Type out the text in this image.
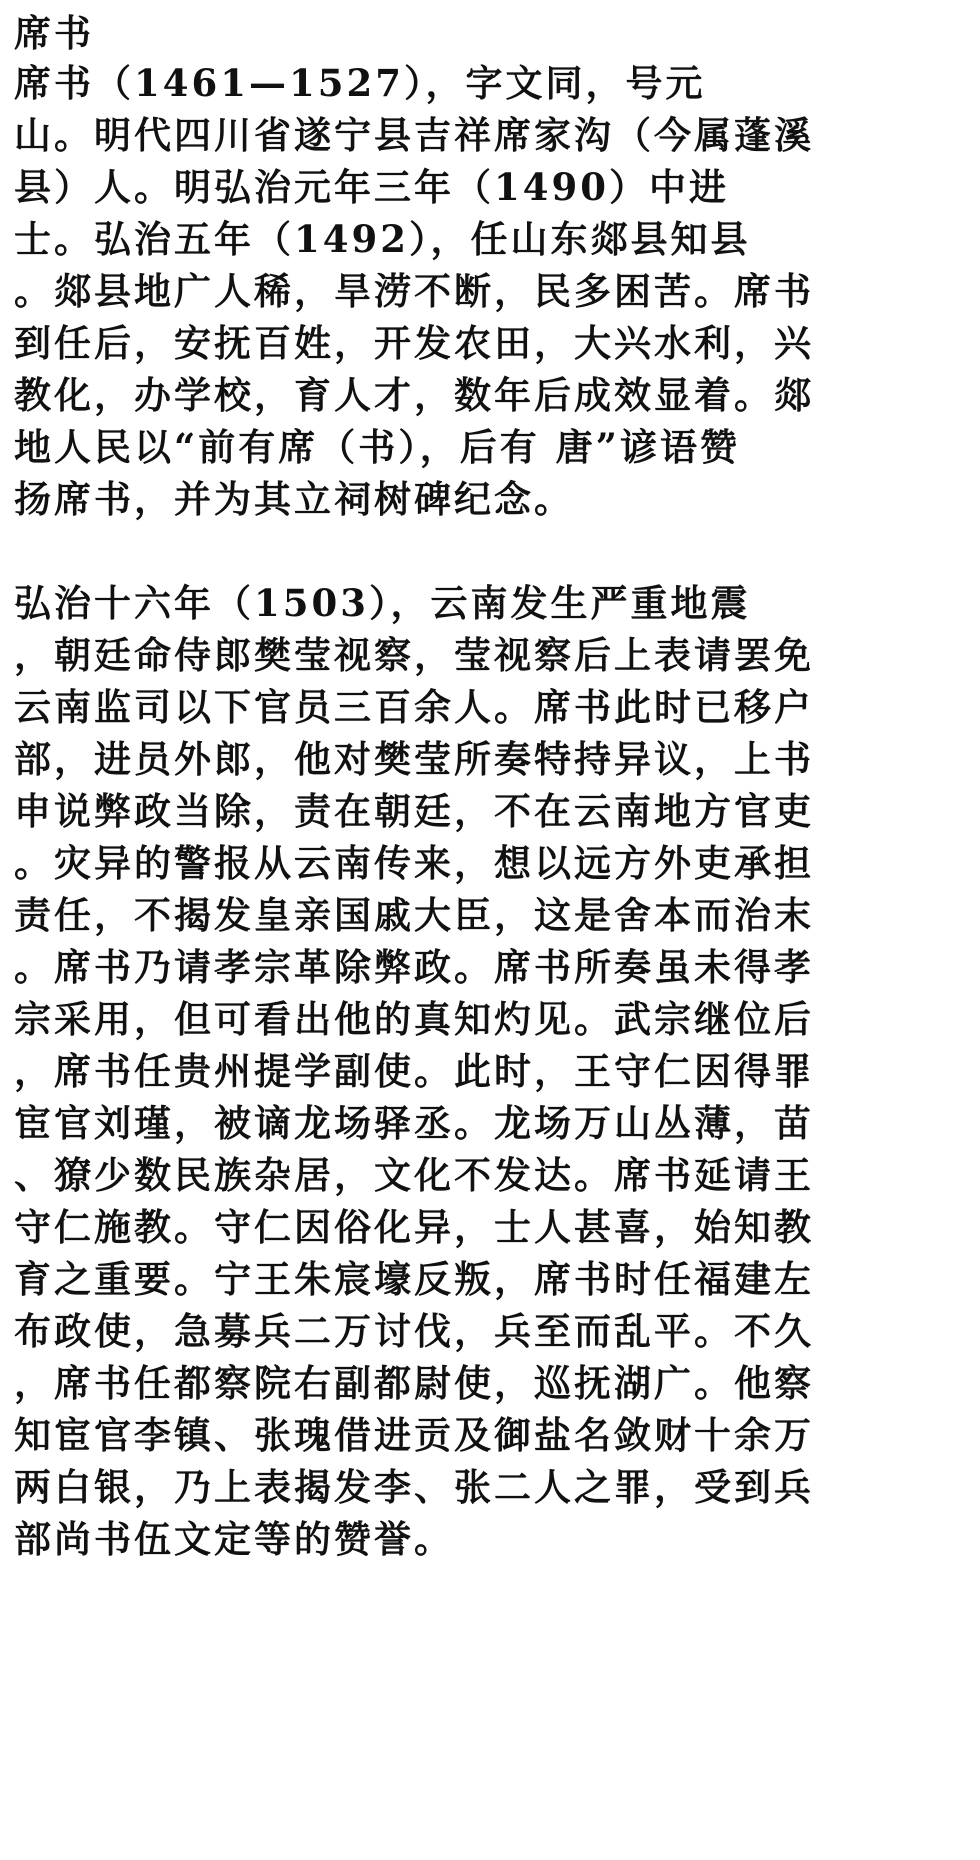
席书
席书（1461—1527），字文同，号元
山。明代四川省遂宁县吉祥席家沟（今属蓬溪
县）人。明弘治元年三年（1490）中进
士。弘治五年（1492），任山东郯县知县
。郯县地广人稀，旱涝不断，民多困苦。席书
到任后，安抚百姓，开发农田，大兴水利，兴
教化，办学校，育人才，数年后成效显着。郯
地人民以“前有席（书），后有 唐”谚语赞
扬席书，并为其立祠树碑纪念。
弘治十六年（1503），云南发生严重地震
，朝廷命侍郎樊莹视察，莹视察后上表请罢免
云南监司以下官员三百余人。席书此时已移户
部，进员外郎，他对樊莹所奏特持异议，上书
申说弊政当除，责在朝廷，不在云南地方官吏
。灾异的警报从云南传来，想以远方外吏承担
责任，不揭发皇亲国戚大臣，这是舍本而治末
。席书乃请孝宗革除弊政。席书所奏虽未得孝
宗采用，但可看出他的真知灼见。武宗继位后
，席书任贵州提学副使。此时，王守仁因得罪
宦官刘瑾，被谪龙场驿丞。龙场万山丛薄，苗
、獠少数民族杂居，文化不发达。席书延请王
守仁施教。守仁因俗化异，士人甚喜，始知教
育之重要。宁王朱宸壕反叛，席书时任福建左
布政使，急募兵二万讨伐，兵至而乱平。不久
，席书任都察院右副都尉使，巡抚湖广。他察
知宦官李镇、张瑰借进贡及御盐名敛财十余万
两白银，乃上表揭发李、张二人之罪，受到兵
部尚书伍文定等的赞誉。
